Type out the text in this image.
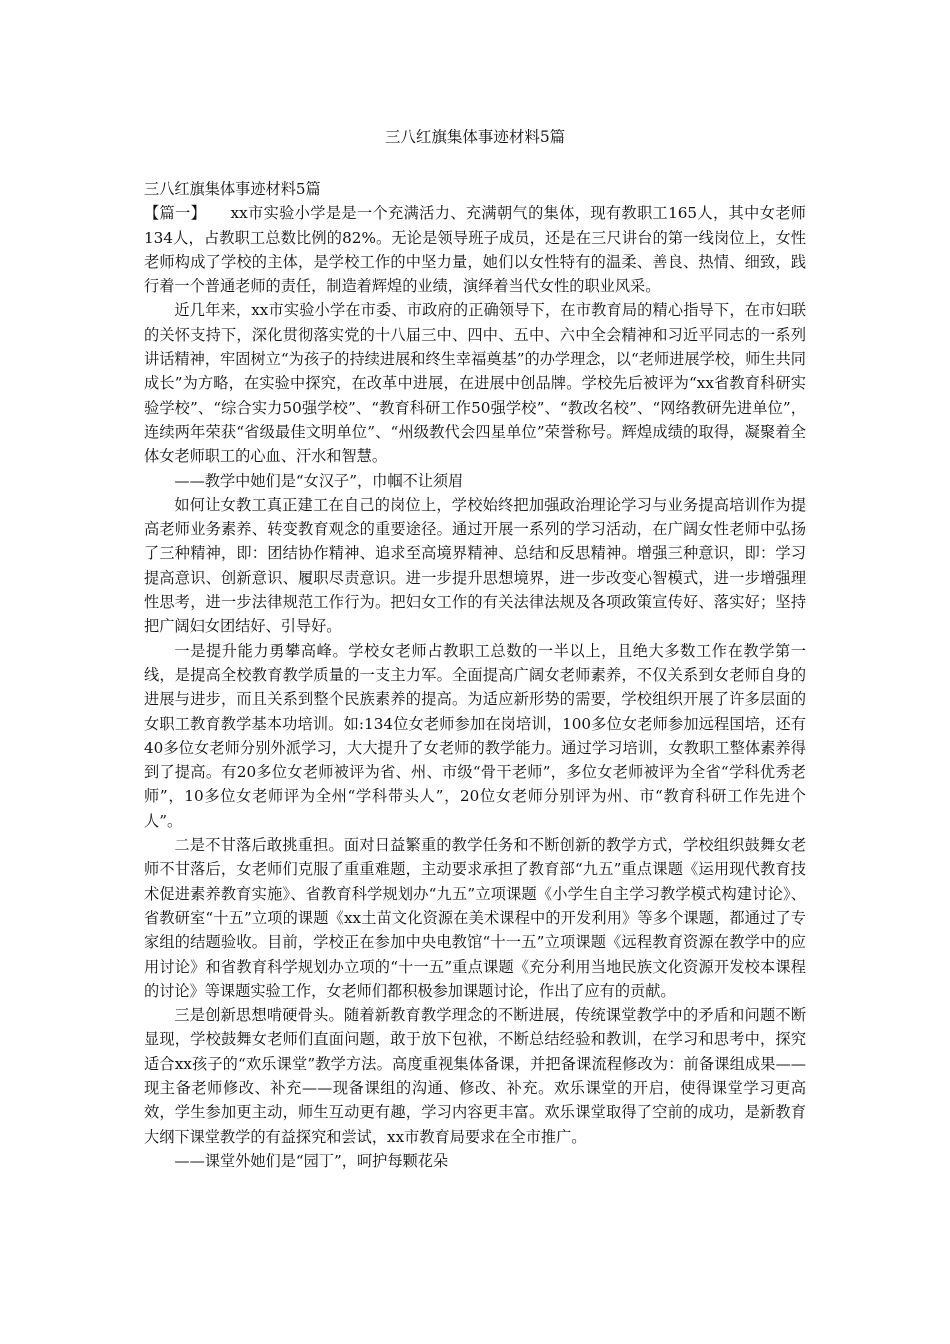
三八红旗集体事迹材料5篇

三八红旗集体事迹材料5篇

【篇一】 xx市实验小学是是一个充满活力、充满朝气的集体，现有教职工165人，其中女老师134人，占教职工总数比例的82%。无论是领导班子成员，还是在三尺讲台的第一线岗位上，女性老师构成了学校的主体，是学校工作的中坚力量，她们以女性特有的温柔、善良、热情、细致，践行着一个普通老师的责任，制造着辉煌的业绩，演绎着当代女性的职业风采。

近几年来，xx市实验小学在市委、市政府的正确领导下，在市教育局的精心指导下，在市妇联的关怀支持下，深化贯彻落实党的十八届三中、四中、五中、六中全会精神和习近平同志的一系列讲话精神，牢固树立“为孩子的持续进展和终生幸福奠基”的办学理念，以“老师进展学校，师生共同成长”为方略，在实验中探究，在改革中进展，在进展中创品牌。学校先后被评为“xx省教育科研实验学校”、“综合实力50强学校”、“教育科研工作50强学校”、“教改名校”、“网络教研先进单位”，连续两年荣获“省级最佳文明单位”、“州级教代会四星单位”荣誉称号。辉煌成绩的取得，凝聚着全体女老师职工的心血、汗水和智慧。

——教学中她们是“女汉子”，巾帼不让须眉

如何让女教工真正建工在自己的岗位上，学校始终把加强政治理论学习与业务提高培训作为提高老师业务素养、转变教育观念的重要途径。通过开展一系列的学习活动，在广阔女性老师中弘扬了三种精神，即：团结协作精神、追求至高境界精神、总结和反思精神。增强三种意识，即：学习提高意识、创新意识、履职尽责意识。进一步提升思想境界，进一步改变心智模式，进一步增强理性思考，进一步法律规范工作行为。把妇女工作的有关法律法规及各项政策宣传好、落实好；坚持把广阔妇女团结好、引导好。

一是提升能力勇攀高峰。学校女老师占教职工总数的一半以上，且绝大多数工作在教学第一线，是提高全校教育教学质量的一支主力军。全面提高广阔女老师素养，不仅关系到女老师自身的进展与进步，而且关系到整个民族素养的提高。为适应新形势的需要，学校组织开展了许多层面的女职工教育教学基本功培训。如:134位女老师参加在岗培训，100多位女老师参加远程国培，还有40多位女老师分别外派学习，大大提升了女老师的教学能力。通过学习培训，女教职工整体素养得到了提高。有20多位女老师被评为省、州、市级“骨干老师”，多位女老师被评为全省“学科优秀老师”，10多位女老师评为全州“学科带头人”，20位女老师分别评为州、市“教育科研工作先进个人”。

二是不甘落后敢挑重担。面对日益繁重的教学任务和不断创新的教学方式，学校组织鼓舞女老师不甘落后，女老师们克服了重重难题，主动要求承担了教育部“九五”重点课题《运用现代教育技术促进素养教育实施》、省教育科学规划办“九五”立项课题《小学生自主学习教学模式构建讨论》、省教研室“十五”立项的课题《xx土苗文化资源在美术课程中的开发利用》等多个课题，都通过了专家组的结题验收。目前，学校正在参加中央电教馆“十一五”立项课题《远程教育资源在教学中的应用讨论》和省教育科学规划办立项的“十一五”重点课题《充分利用当地民族文化资源开发校本课程的讨论》等课题实验工作，女老师们都积极参加课题讨论，作出了应有的贡献。

三是创新思想啃硬骨头。随着新教育教学理念的不断进展，传统课堂教学中的矛盾和问题不断显现，学校鼓舞女老师们直面问题，敢于放下包袱，不断总结经验和教训，在学习和思考中，探究适合xx孩子的“欢乐课堂”教学方法。高度重视集体备课，并把备课流程修改为：前备课组成果——现主备老师修改、补充——现备课组的沟通、修改、补充。欢乐课堂的开启，使得课堂学习更高效，学生参加更主动，师生互动更有趣，学习内容更丰富。欢乐课堂取得了空前的成功，是新教育大纲下课堂教学的有益探究和尝试，xx市教育局要求在全市推广。

——课堂外她们是“园丁”，呵护每颗花朵
